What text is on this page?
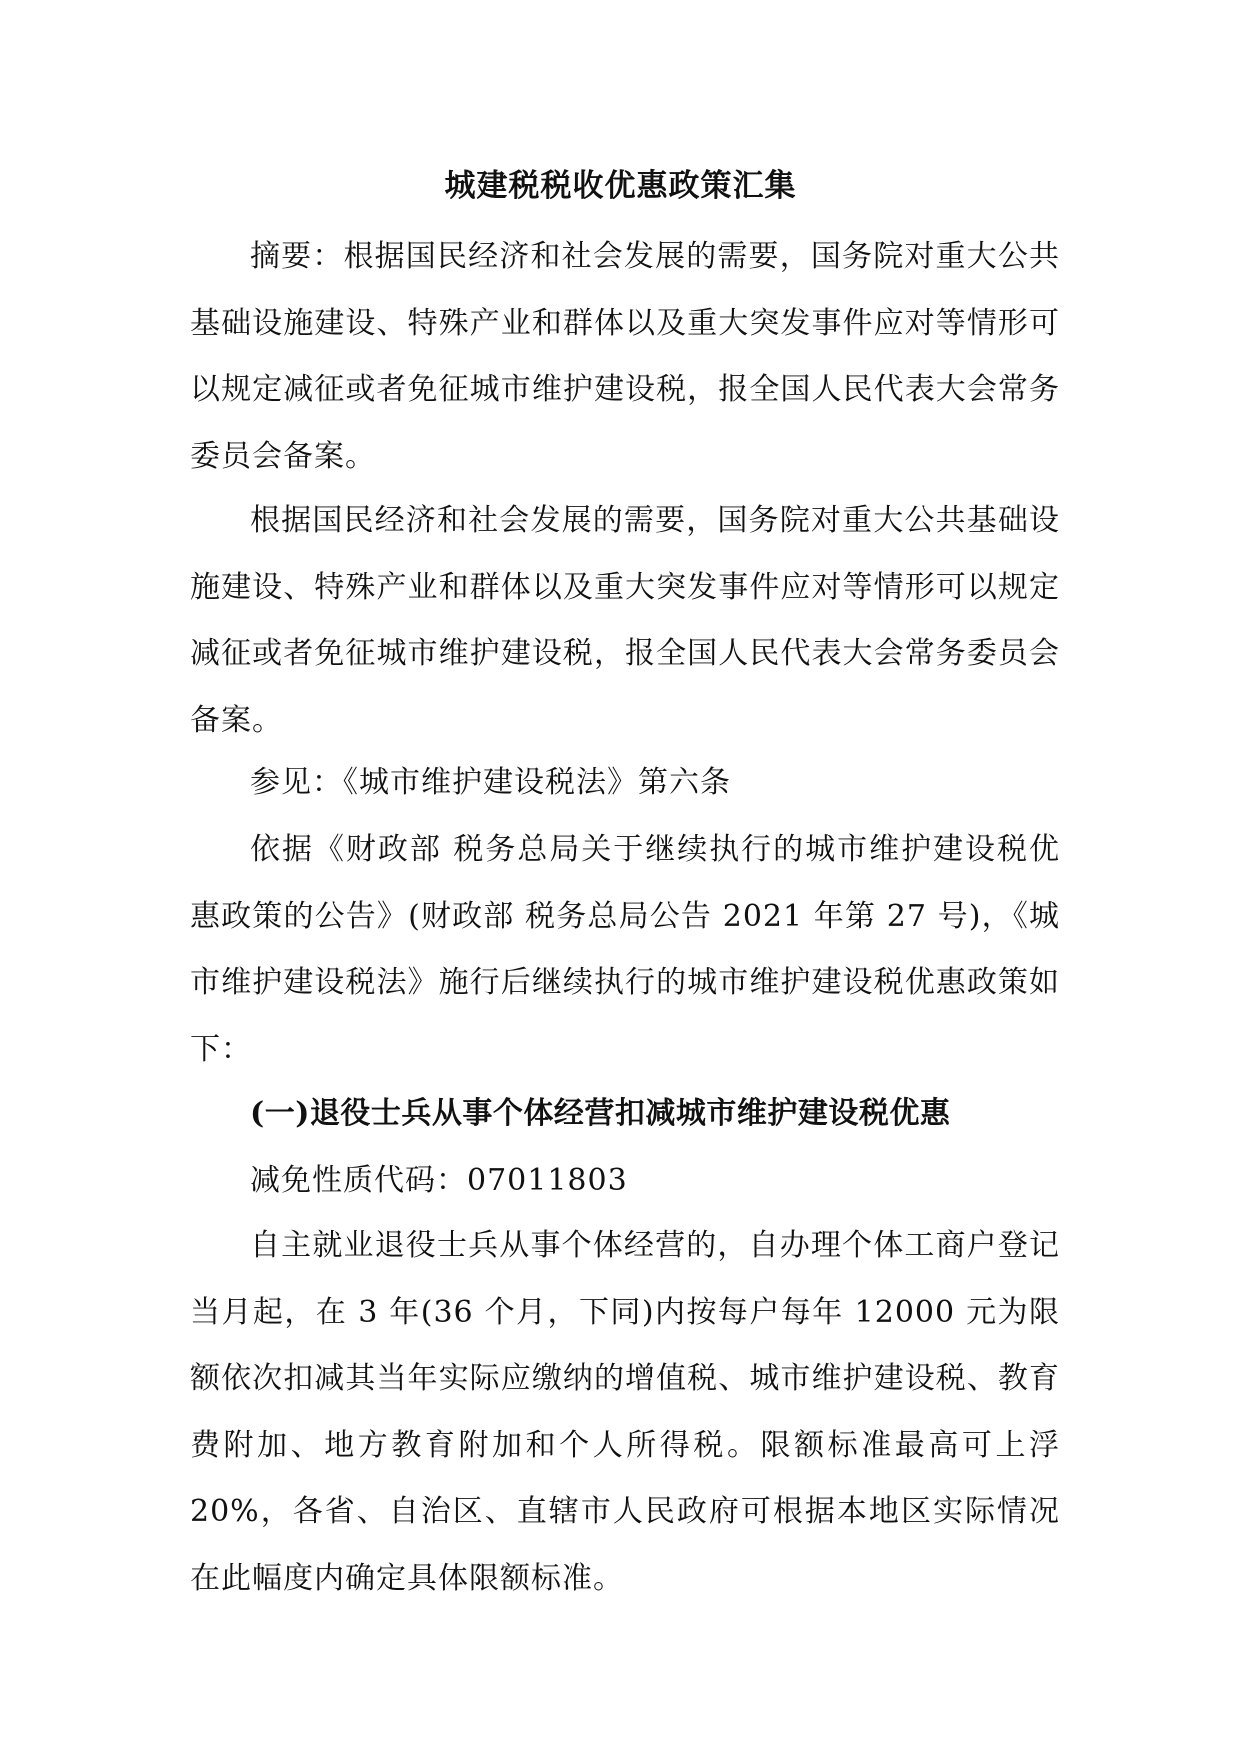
城建税税收优惠政策汇集

摘要：根据国民经济和社会发展的需要，国务院对重大公共基础设施建设、特殊产业和群体以及重大突发事件应对等情形可以规定减征或者免征城市维护建设税，报全国人民代表大会常务委员会备案。

根据国民经济和社会发展的需要，国务院对重大公共基础设施建设、特殊产业和群体以及重大突发事件应对等情形可以规定减征或者免征城市维护建设税，报全国人民代表大会常务委员会备案。

参见：《城市维护建设税法》第六条

依据《财政部 税务总局关于继续执行的城市维护建设税优惠政策的公告》(财政部 税务总局公告 2021 年第 27 号)，《城市维护建设税法》施行后继续执行的城市维护建设税优惠政策如下：

(一)退役士兵从事个体经营扣减城市维护建设税优惠

减免性质代码：07011803

自主就业退役士兵从事个体经营的，自办理个体工商户登记当月起，在 3 年(36 个月，下同)内按每户每年 12000 元为限额依次扣减其当年实际应缴纳的增值税、城市维护建设税、教育费附加、地方教育附加和个人所得税。限额标准最高可上浮 20%，各省、自治区、直辖市人民政府可根据本地区实际情况在此幅度内确定具体限额标准。
